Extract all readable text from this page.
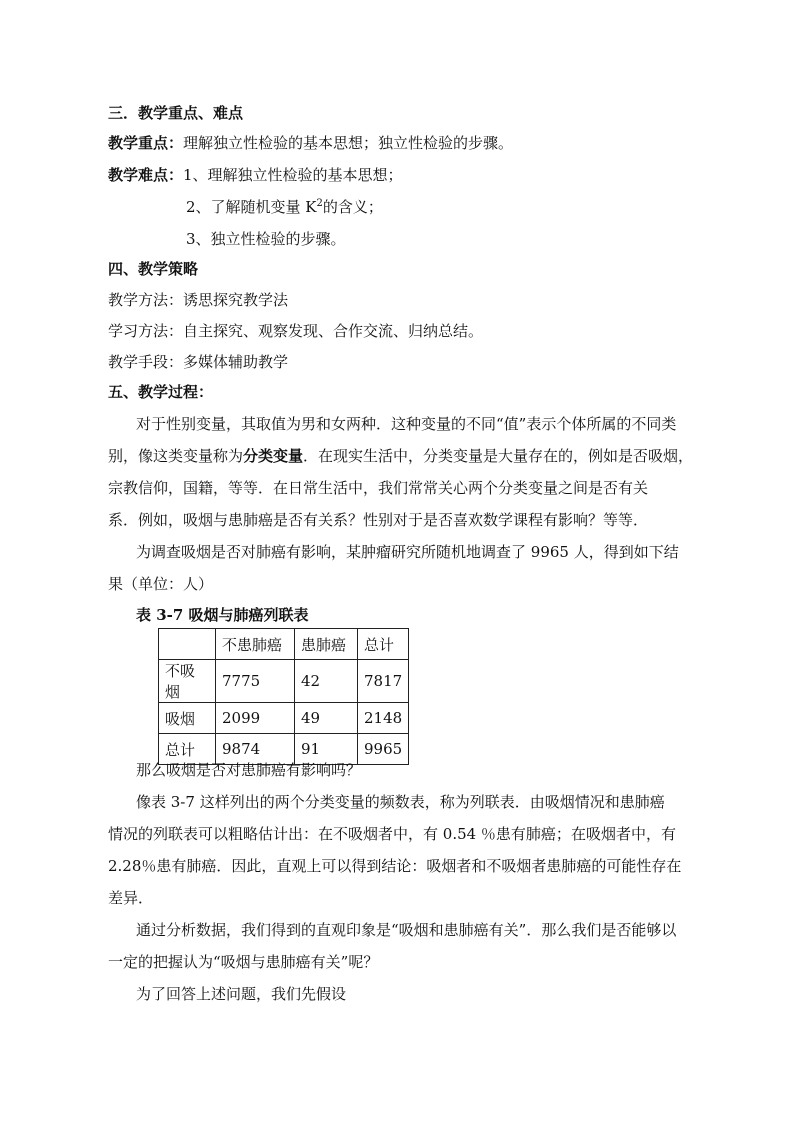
三．教学重点、难点
教学重点：理解独立性检验的基本思想；独立性检验的步骤。
教学难点：1、理解独立性检验的基本思想；
2、了解随机变量 $K^2$的含义；
3、独立性检验的步骤。
四、教学策略
教学方法：诱思探究教学法
学习方法：自主探究、观察发现、合作交流、归纳总结。
教学手段：多媒体辅助教学
五、教学过程：
对于性别变量，其取值为男和女两种．这种变量的不同“值”表示个体所属的不同类
别，像这类变量称为分类变量．在现实生活中，分类变量是大量存在的，例如是否吸烟，
宗教信仰，国籍，等等．在日常生活中，我们常常关心两个分类变量之间是否有关
系．例如，吸烟与患肺癌是否有关系？性别对于是否喜欢数学课程有影响？等等．
为调查吸烟是否对肺癌有影响，某肿瘤研究所随机地调查了 9965 人，得到如下结
果（单位：人）
表 3-7 吸烟与肺癌列联表
	不患肺癌	患肺癌	总计
不吸烟	7775	42	7817
吸烟	2099	49	2148
总计	9874	91	9965
那么吸烟是否对患肺癌有影响吗？
像表 3-7 这样列出的两个分类变量的频数表，称为列联表．由吸烟情况和患肺癌
情况的列联表可以粗略估计出：在不吸烟者中，有 0.54 ％患有肺癌；在吸烟者中，有
2.28％患有肺癌．因此，直观上可以得到结论：吸烟者和不吸烟者患肺癌的可能性存在
差异．
通过分析数据，我们得到的直观印象是“吸烟和患肺癌有关”．那么我们是否能够以
一定的把握认为“吸烟与患肺癌有关”呢？
为了回答上述问题，我们先假设
